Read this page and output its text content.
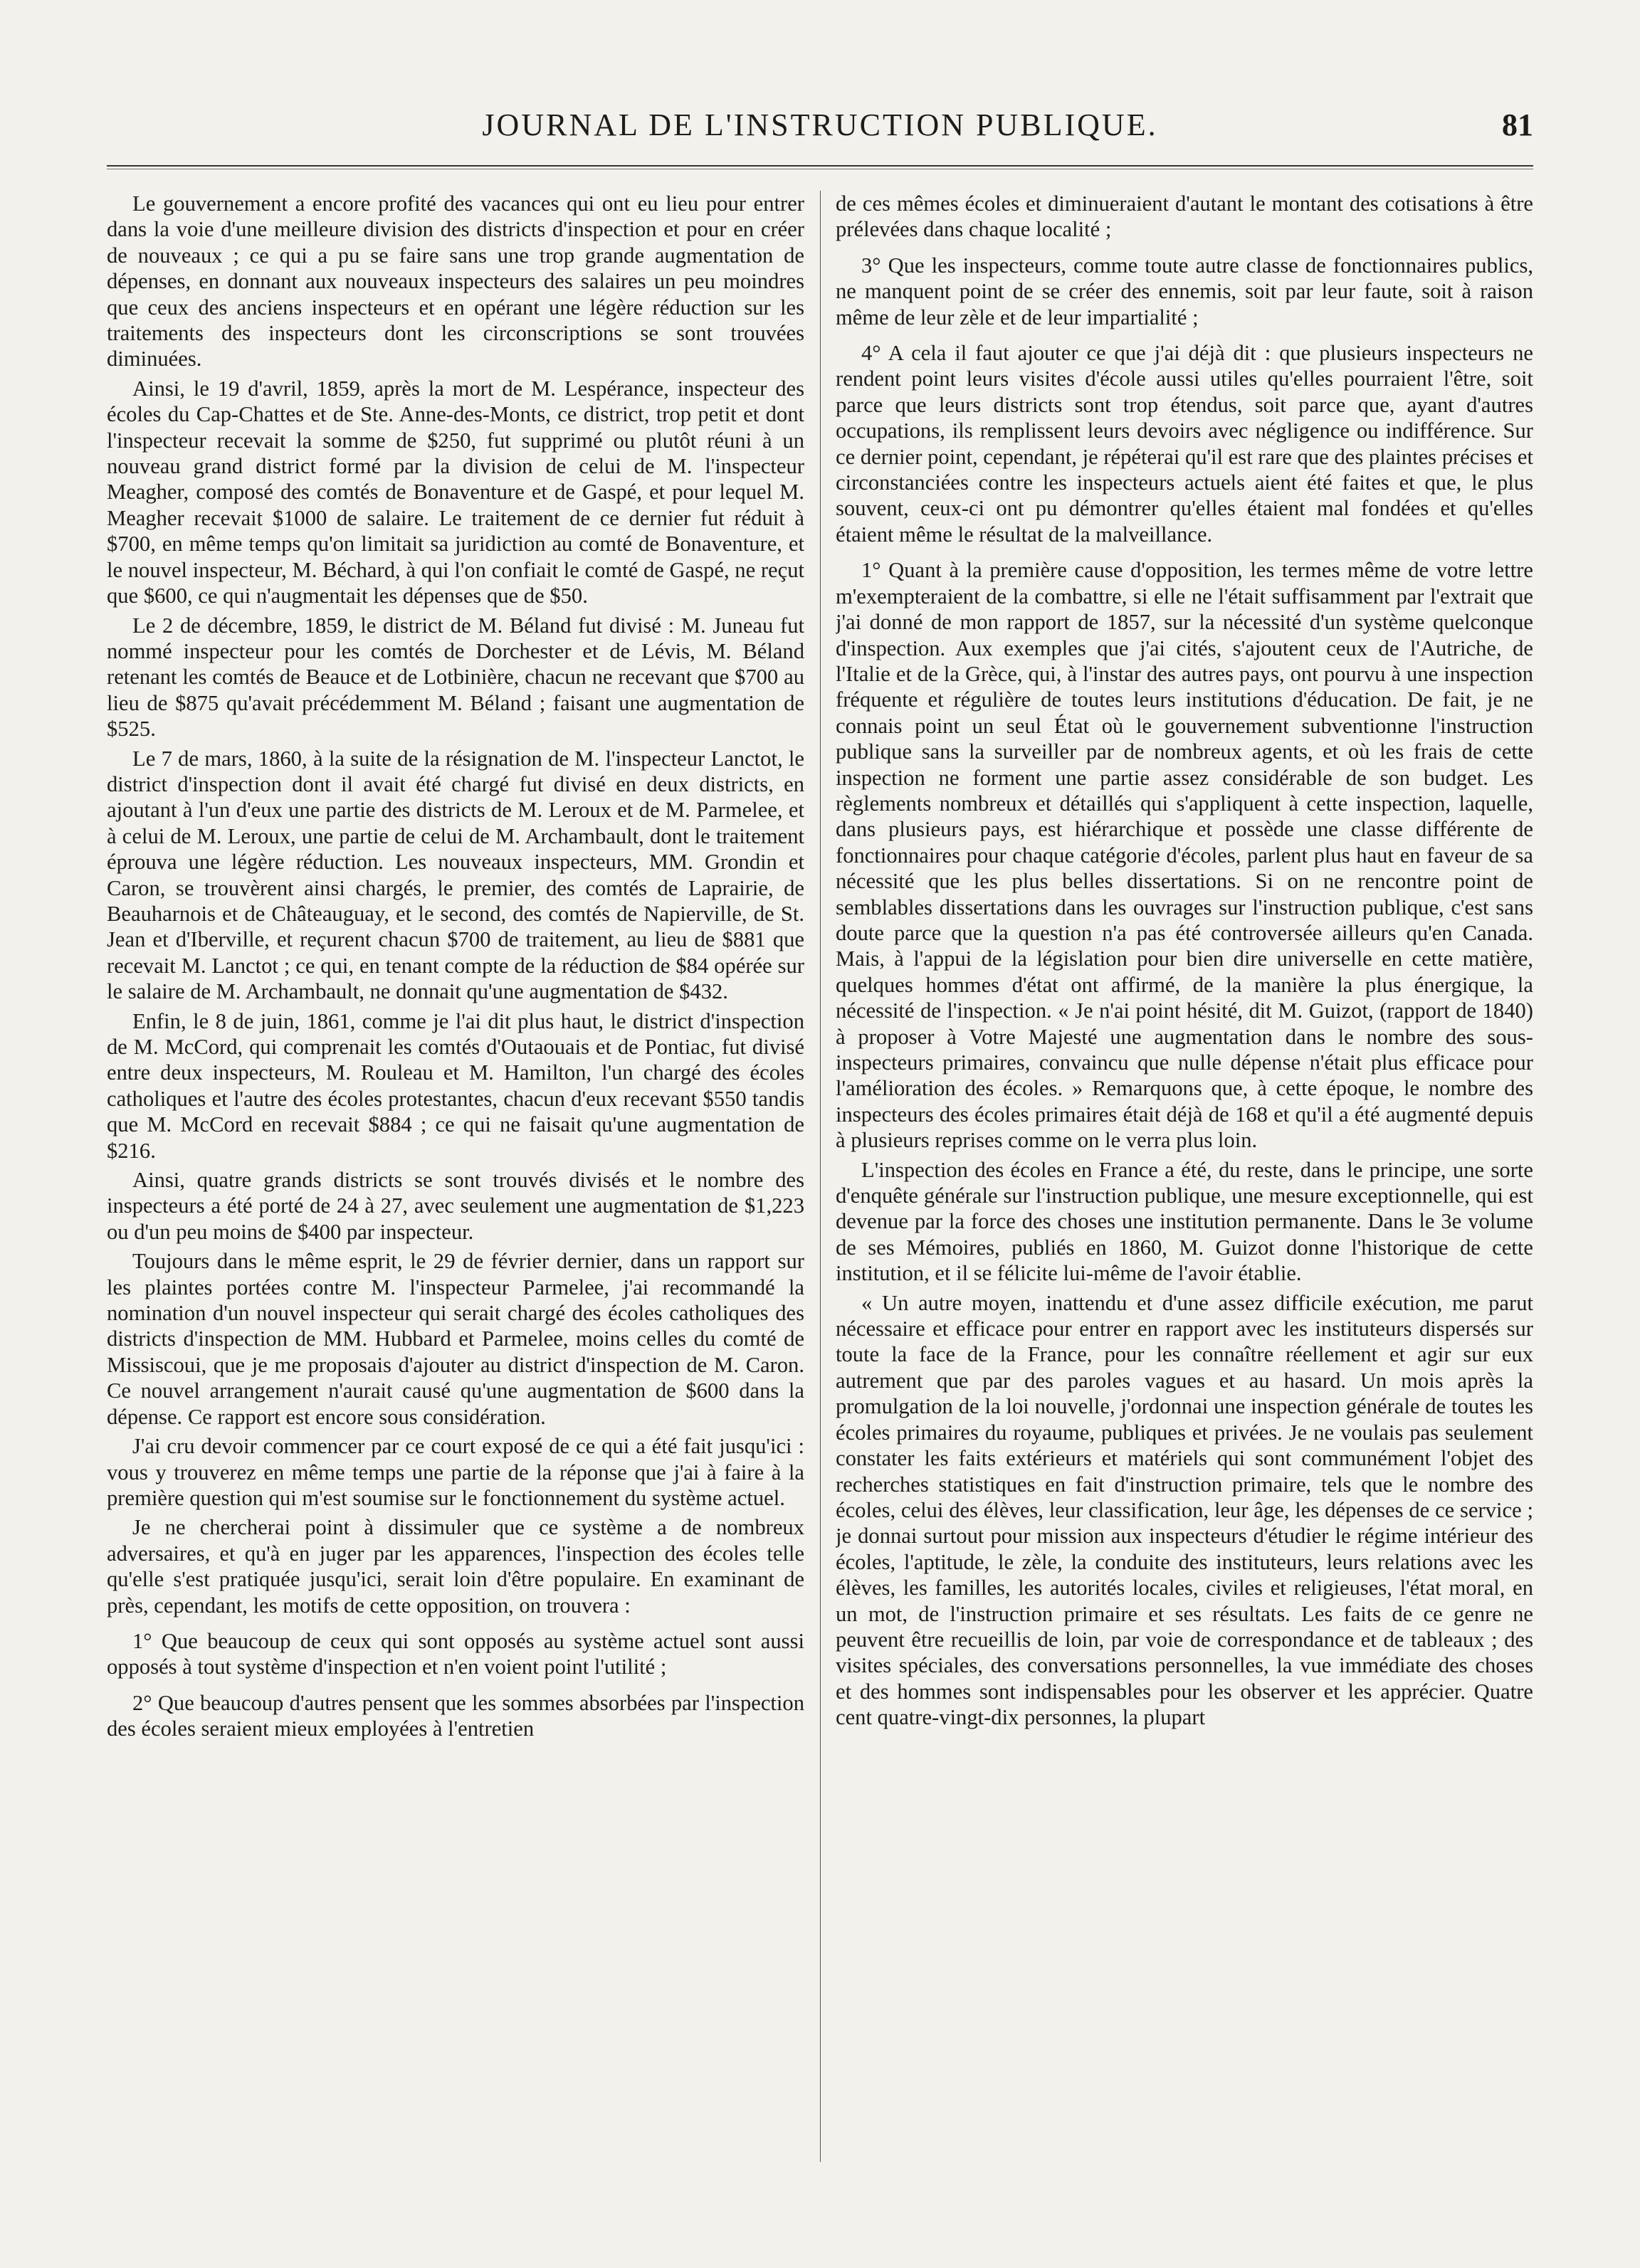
JOURNAL DE L'INSTRUCTION PUBLIQUE.	81

Le gouvernement a encore profité des vacances qui ont eu lieu pour entrer dans la voie d'une meilleure division des districts d'inspection et pour en créer de nouveaux ; ce qui a pu se faire sans une trop grande augmentation de dépenses, en donnant aux nouveaux inspecteurs des salaires un peu moindres que ceux des anciens inspecteurs et en opérant une légère réduction sur les traitements des inspecteurs dont les circonscriptions se sont trouvées diminuées.

Ainsi, le 19 d'avril, 1859, après la mort de M. Lespérance, inspecteur des écoles du Cap-Chattes et de Ste. Anne-des-Monts, ce district, trop petit et dont l'inspecteur recevait la somme de $250, fut supprimé ou plutôt réuni à un nouveau grand district formé par la division de celui de M. l'inspecteur Meagher, composé des comtés de Bonaventure et de Gaspé, et pour lequel M. Meagher recevait $1000 de salaire. Le traitement de ce dernier fut réduit à $700, en même temps qu'on limitait sa juridiction au comté de Bonaventure, et le nouvel inspecteur, M. Béchard, à qui l'on confiait le comté de Gaspé, ne reçut que $600, ce qui n'augmentait les dépenses que de $50.

Le 2 de décembre, 1859, le district de M. Béland fut divisé : M. Juneau fut nommé inspecteur pour les comtés de Dorchester et de Lévis, M. Béland retenant les comtés de Beauce et de Lotbinière, chacun ne recevant que $700 au lieu de $875 qu'avait précédemment M. Béland ; faisant une augmentation de $525.

Le 7 de mars, 1860, à la suite de la résignation de M. l'inspecteur Lanctot, le district d'inspection dont il avait été chargé fut divisé en deux districts, en ajoutant à l'un d'eux une partie des districts de M. Leroux et de M. Parmelee, et à celui de M. Leroux, une partie de celui de M. Archambault, dont le traitement éprouva une légère réduction. Les nouveaux inspecteurs, MM. Grondin et Caron, se trouvèrent ainsi chargés, le premier, des comtés de Laprairie, de Beauharnois et de Châteauguay, et le second, des comtés de Napierville, de St. Jean et d'Iberville, et reçurent chacun $700 de traitement, au lieu de $881 que recevait M. Lanctot ; ce qui, en tenant compte de la réduction de $84 opérée sur le salaire de M. Archambault, ne donnait qu'une augmentation de $432.

Enfin, le 8 de juin, 1861, comme je l'ai dit plus haut, le district d'inspection de M. McCord, qui comprenait les comtés d'Outaouais et de Pontiac, fut divisé entre deux inspecteurs, M. Rouleau et M. Hamilton, l'un chargé des écoles catholiques et l'autre des écoles protestantes, chacun d'eux recevant $550 tandis que M. McCord en recevait $884 ; ce qui ne faisait qu'une augmentation de $216.

Ainsi, quatre grands districts se sont trouvés divisés et le nombre des inspecteurs a été porté de 24 à 27, avec seulement une augmentation de $1,223 ou d'un peu moins de $400 par inspecteur.

Toujours dans le même esprit, le 29 de février dernier, dans un rapport sur les plaintes portées contre M. l'inspecteur Parmelee, j'ai recommandé la nomination d'un nouvel inspecteur qui serait chargé des écoles catholiques des districts d'inspection de MM. Hubbard et Parmelee, moins celles du comté de Missiscoui, que je me proposais d'ajouter au district d'inspection de M. Caron. Ce nouvel arrangement n'aurait causé qu'une augmentation de $600 dans la dépense. Ce rapport est encore sous considération.

J'ai cru devoir commencer par ce court exposé de ce qui a été fait jusqu'ici : vous y trouverez en même temps une partie de la réponse que j'ai à faire à la première question qui m'est soumise sur le fonctionnement du système actuel.

Je ne chercherai point à dissimuler que ce système a de nombreux adversaires, et qu'à en juger par les apparences, l'inspection des écoles telle qu'elle s'est pratiquée jusqu'ici, serait loin d'être populaire. En examinant de près, cependant, les motifs de cette opposition, on trouvera :

1° Que beaucoup de ceux qui sont opposés au système actuel sont aussi opposés à tout système d'inspection et n'en voient point l'utilité ;

2° Que beaucoup d'autres pensent que les sommes absorbées par l'inspection des écoles seraient mieux employées à l'entretien

de ces mêmes écoles et diminueraient d'autant le montant des cotisations à être prélevées dans chaque localité ;

3° Que les inspecteurs, comme toute autre classe de fonctionnaires publics, ne manquent point de se créer des ennemis, soit par leur faute, soit à raison même de leur zèle et de leur impartialité ;

4° A cela il faut ajouter ce que j'ai déjà dit : que plusieurs inspecteurs ne rendent point leurs visites d'école aussi utiles qu'elles pourraient l'être, soit parce que leurs districts sont trop étendus, soit parce que, ayant d'autres occupations, ils remplissent leurs devoirs avec négligence ou indifférence. Sur ce dernier point, cependant, je répéterai qu'il est rare que des plaintes précises et circonstanciées contre les inspecteurs actuels aient été faites et que, le plus souvent, ceux-ci ont pu démontrer qu'elles étaient mal fondées et qu'elles étaient même le résultat de la malveillance.

1° Quant à la première cause d'opposition, les termes même de votre lettre m'exempteraient de la combattre, si elle ne l'était suffisamment par l'extrait que j'ai donné de mon rapport de 1857, sur la nécessité d'un système quelconque d'inspection. Aux exemples que j'ai cités, s'ajoutent ceux de l'Autriche, de l'Italie et de la Grèce, qui, à l'instar des autres pays, ont pourvu à une inspection fréquente et régulière de toutes leurs institutions d'éducation. De fait, je ne connais point un seul État où le gouvernement subventionne l'instruction publique sans la surveiller par de nombreux agents, et où les frais de cette inspection ne forment une partie assez considérable de son budget. Les règlements nombreux et détaillés qui s'appliquent à cette inspection, laquelle, dans plusieurs pays, est hiérarchique et possède une classe différente de fonctionnaires pour chaque catégorie d'écoles, parlent plus haut en faveur de sa nécessité que les plus belles dissertations. Si on ne rencontre point de semblables dissertations dans les ouvrages sur l'instruction publique, c'est sans doute parce que la question n'a pas été controversée ailleurs qu'en Canada. Mais, à l'appui de la législation pour bien dire universelle en cette matière, quelques hommes d'état ont affirmé, de la manière la plus énergique, la nécessité de l'inspection. « Je n'ai point hésité, dit M. Guizot, (rapport de 1840) à proposer à Votre Majesté une augmentation dans le nombre des sous-inspecteurs primaires, convaincu que nulle dépense n'était plus efficace pour l'amélioration des écoles. » Remarquons que, à cette époque, le nombre des inspecteurs des écoles primaires était déjà de 168 et qu'il a été augmenté depuis à plusieurs reprises comme on le verra plus loin.

L'inspection des écoles en France a été, du reste, dans le principe, une sorte d'enquête générale sur l'instruction publique, une mesure exceptionnelle, qui est devenue par la force des choses une institution permanente. Dans le 3e volume de ses Mémoires, publiés en 1860, M. Guizot donne l'historique de cette institution, et il se félicite lui-même de l'avoir établie.

« Un autre moyen, inattendu et d'une assez difficile exécution, me parut nécessaire et efficace pour entrer en rapport avec les instituteurs dispersés sur toute la face de la France, pour les connaître réellement et agir sur eux autrement que par des paroles vagues et au hasard. Un mois après la promulgation de la loi nouvelle, j'ordonnai une inspection générale de toutes les écoles primaires du royaume, publiques et privées. Je ne voulais pas seulement constater les faits extérieurs et matériels qui sont communément l'objet des recherches statistiques en fait d'instruction primaire, tels que le nombre des écoles, celui des élèves, leur classification, leur âge, les dépenses de ce service ; je donnai surtout pour mission aux inspecteurs d'étudier le régime intérieur des écoles, l'aptitude, le zèle, la conduite des instituteurs, leurs relations avec les élèves, les familles, les autorités locales, civiles et religieuses, l'état moral, en un mot, de l'instruction primaire et ses résultats. Les faits de ce genre ne peuvent être recueillis de loin, par voie de correspondance et de tableaux ; des visites spéciales, des conversations personnelles, la vue immédiate des choses et des hommes sont indispensables pour les observer et les apprécier. Quatre cent quatre-vingt-dix personnes, la plupart
